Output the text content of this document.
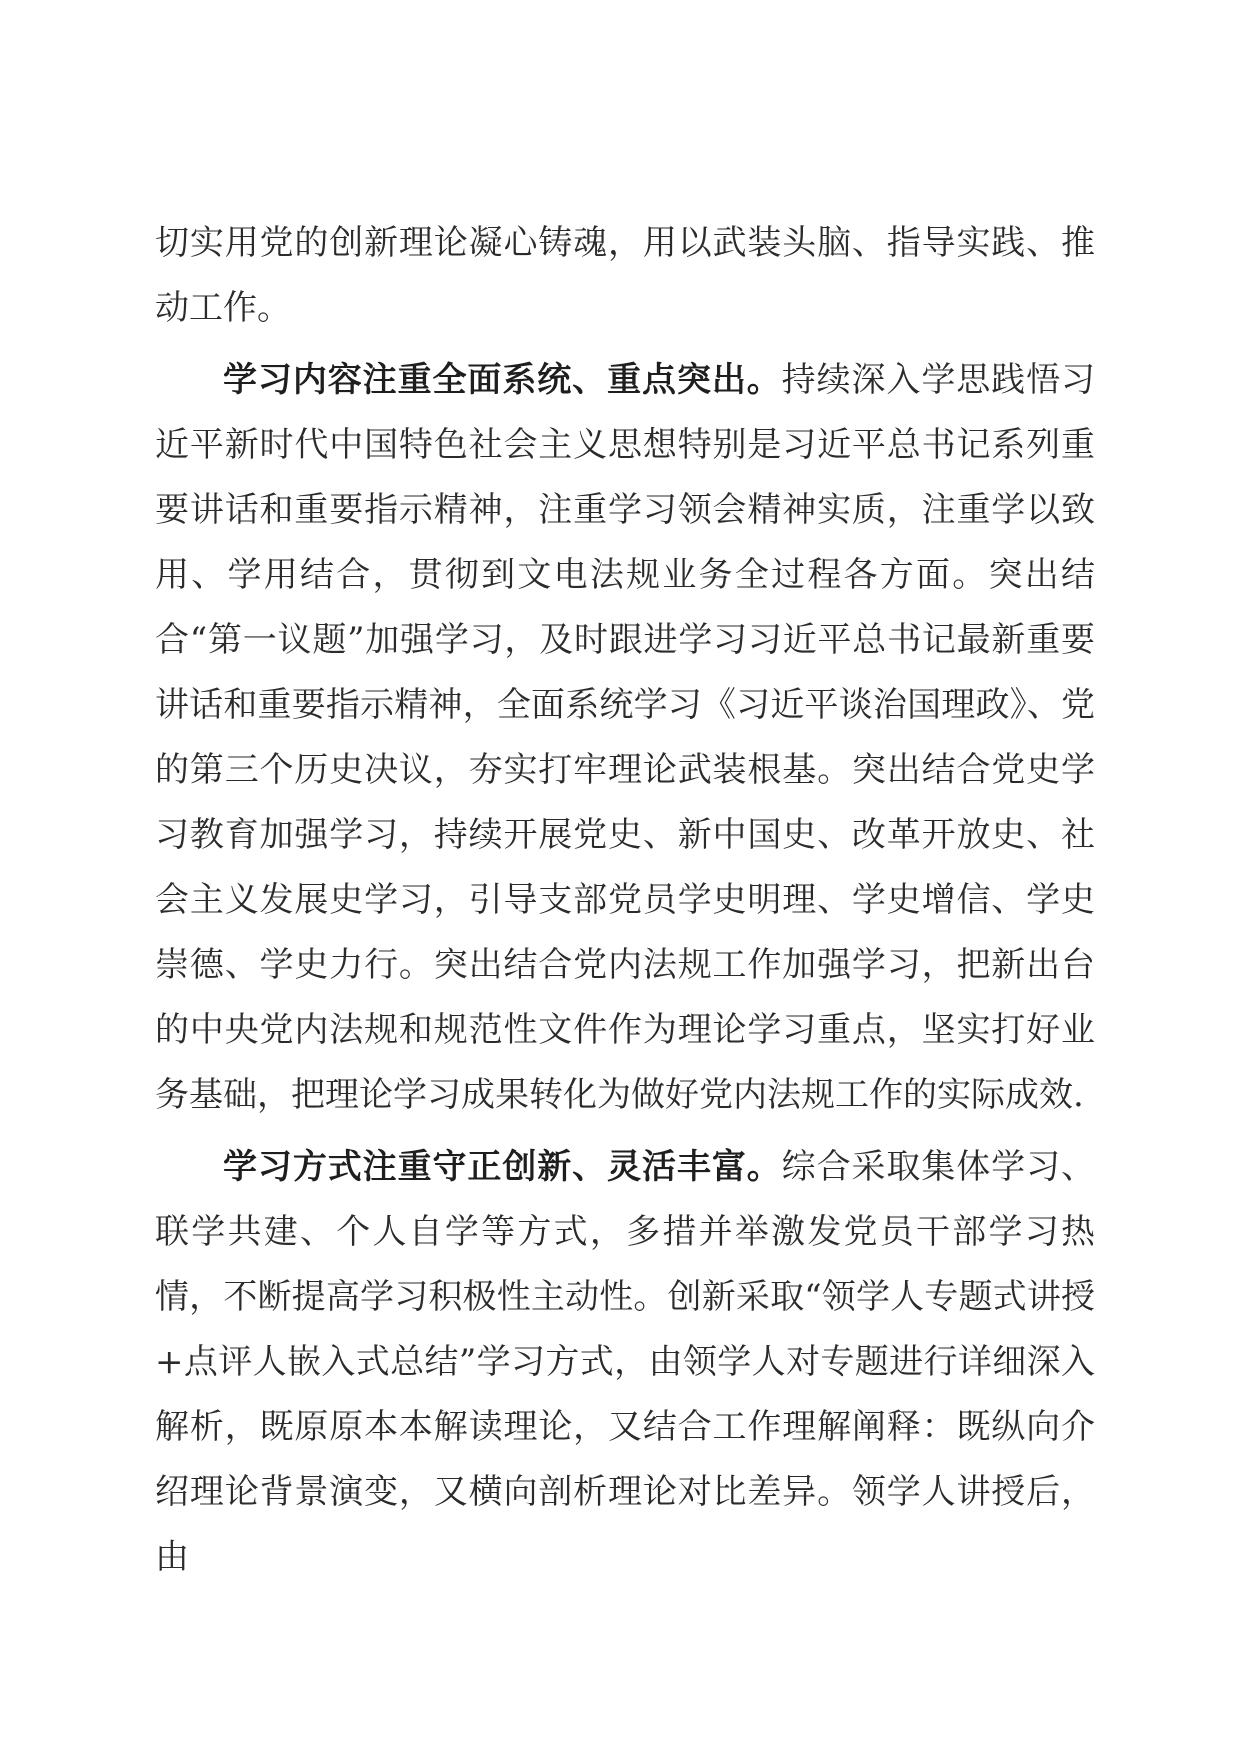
切实用党的创新理论凝心铸魂，用以武装头脑、指导实践、推动工作。

学习内容注重全面系统、重点突出。持续深入学思践悟习近平新时代中国特色社会主义思想特别是习近平总书记系列重要讲话和重要指示精神，注重学习领会精神实质，注重学以致用、学用结合，贯彻到文电法规业务全过程各方面。突出结合“第一议题”加强学习，及时跟进学习习近平总书记最新重要讲话和重要指示精神，全面系统学习《习近平谈治国理政》、党的第三个历史决议，夯实打牢理论武装根基。突出结合党史学习教育加强学习，持续开展党史、新中国史、改革开放史、社会主义发展史学习，引导支部党员学史明理、学史增信、学史崇德、学史力行。突出结合党内法规工作加强学习，把新出台的中央党内法规和规范性文件作为理论学习重点，坚实打好业务基础，把理论学习成果转化为做好党内法规工作的实际成效.

学习方式注重守正创新、灵活丰富。综合采取集体学习、联学共建、个人自学等方式，多措并举激发党员干部学习热情，不断提高学习积极性主动性。创新采取“领学人专题式讲授+点评人嵌入式总结”学习方式，由领学人对专题进行详细深入解析，既原原本本解读理论，又结合工作理解阐释：既纵向介绍理论背景演变，又横向剖析理论对比差异。领学人讲授后，由
